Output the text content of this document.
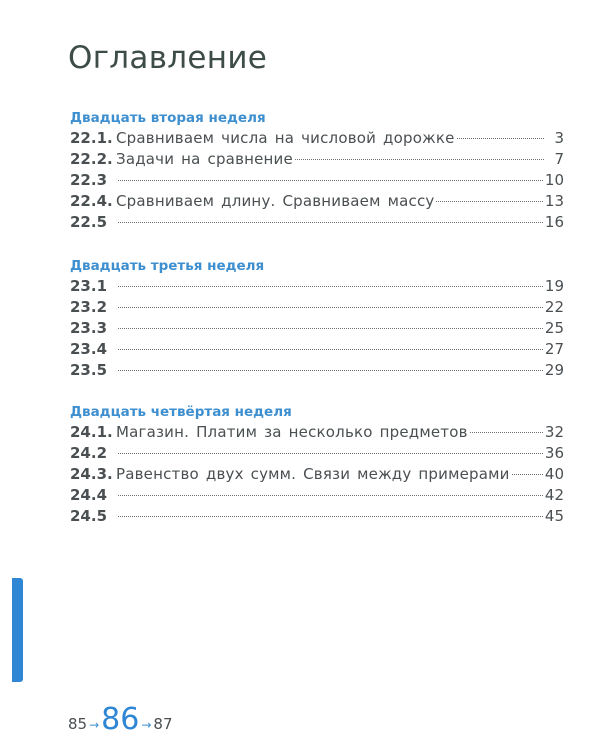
Оглавление
Двадцать вторая неделя
22.1. Сравниваем числа на числовой дорожке	3
22.2. Задачи на сравнение	7
22.3	10
22.4. Сравниваем длину. Сравниваем массу	13
22.5	16
Двадцать третья неделя
23.1	19
23.2	22
23.3	25
23.4	27
23.5	29
Двадцать четвёртая неделя
24.1. Магазин. Платим за несколько предметов	32
24.2	36
24.3. Равенство двух сумм. Связи между примерами 40
24.4	42
24.5	45
85 → 86 → 87
